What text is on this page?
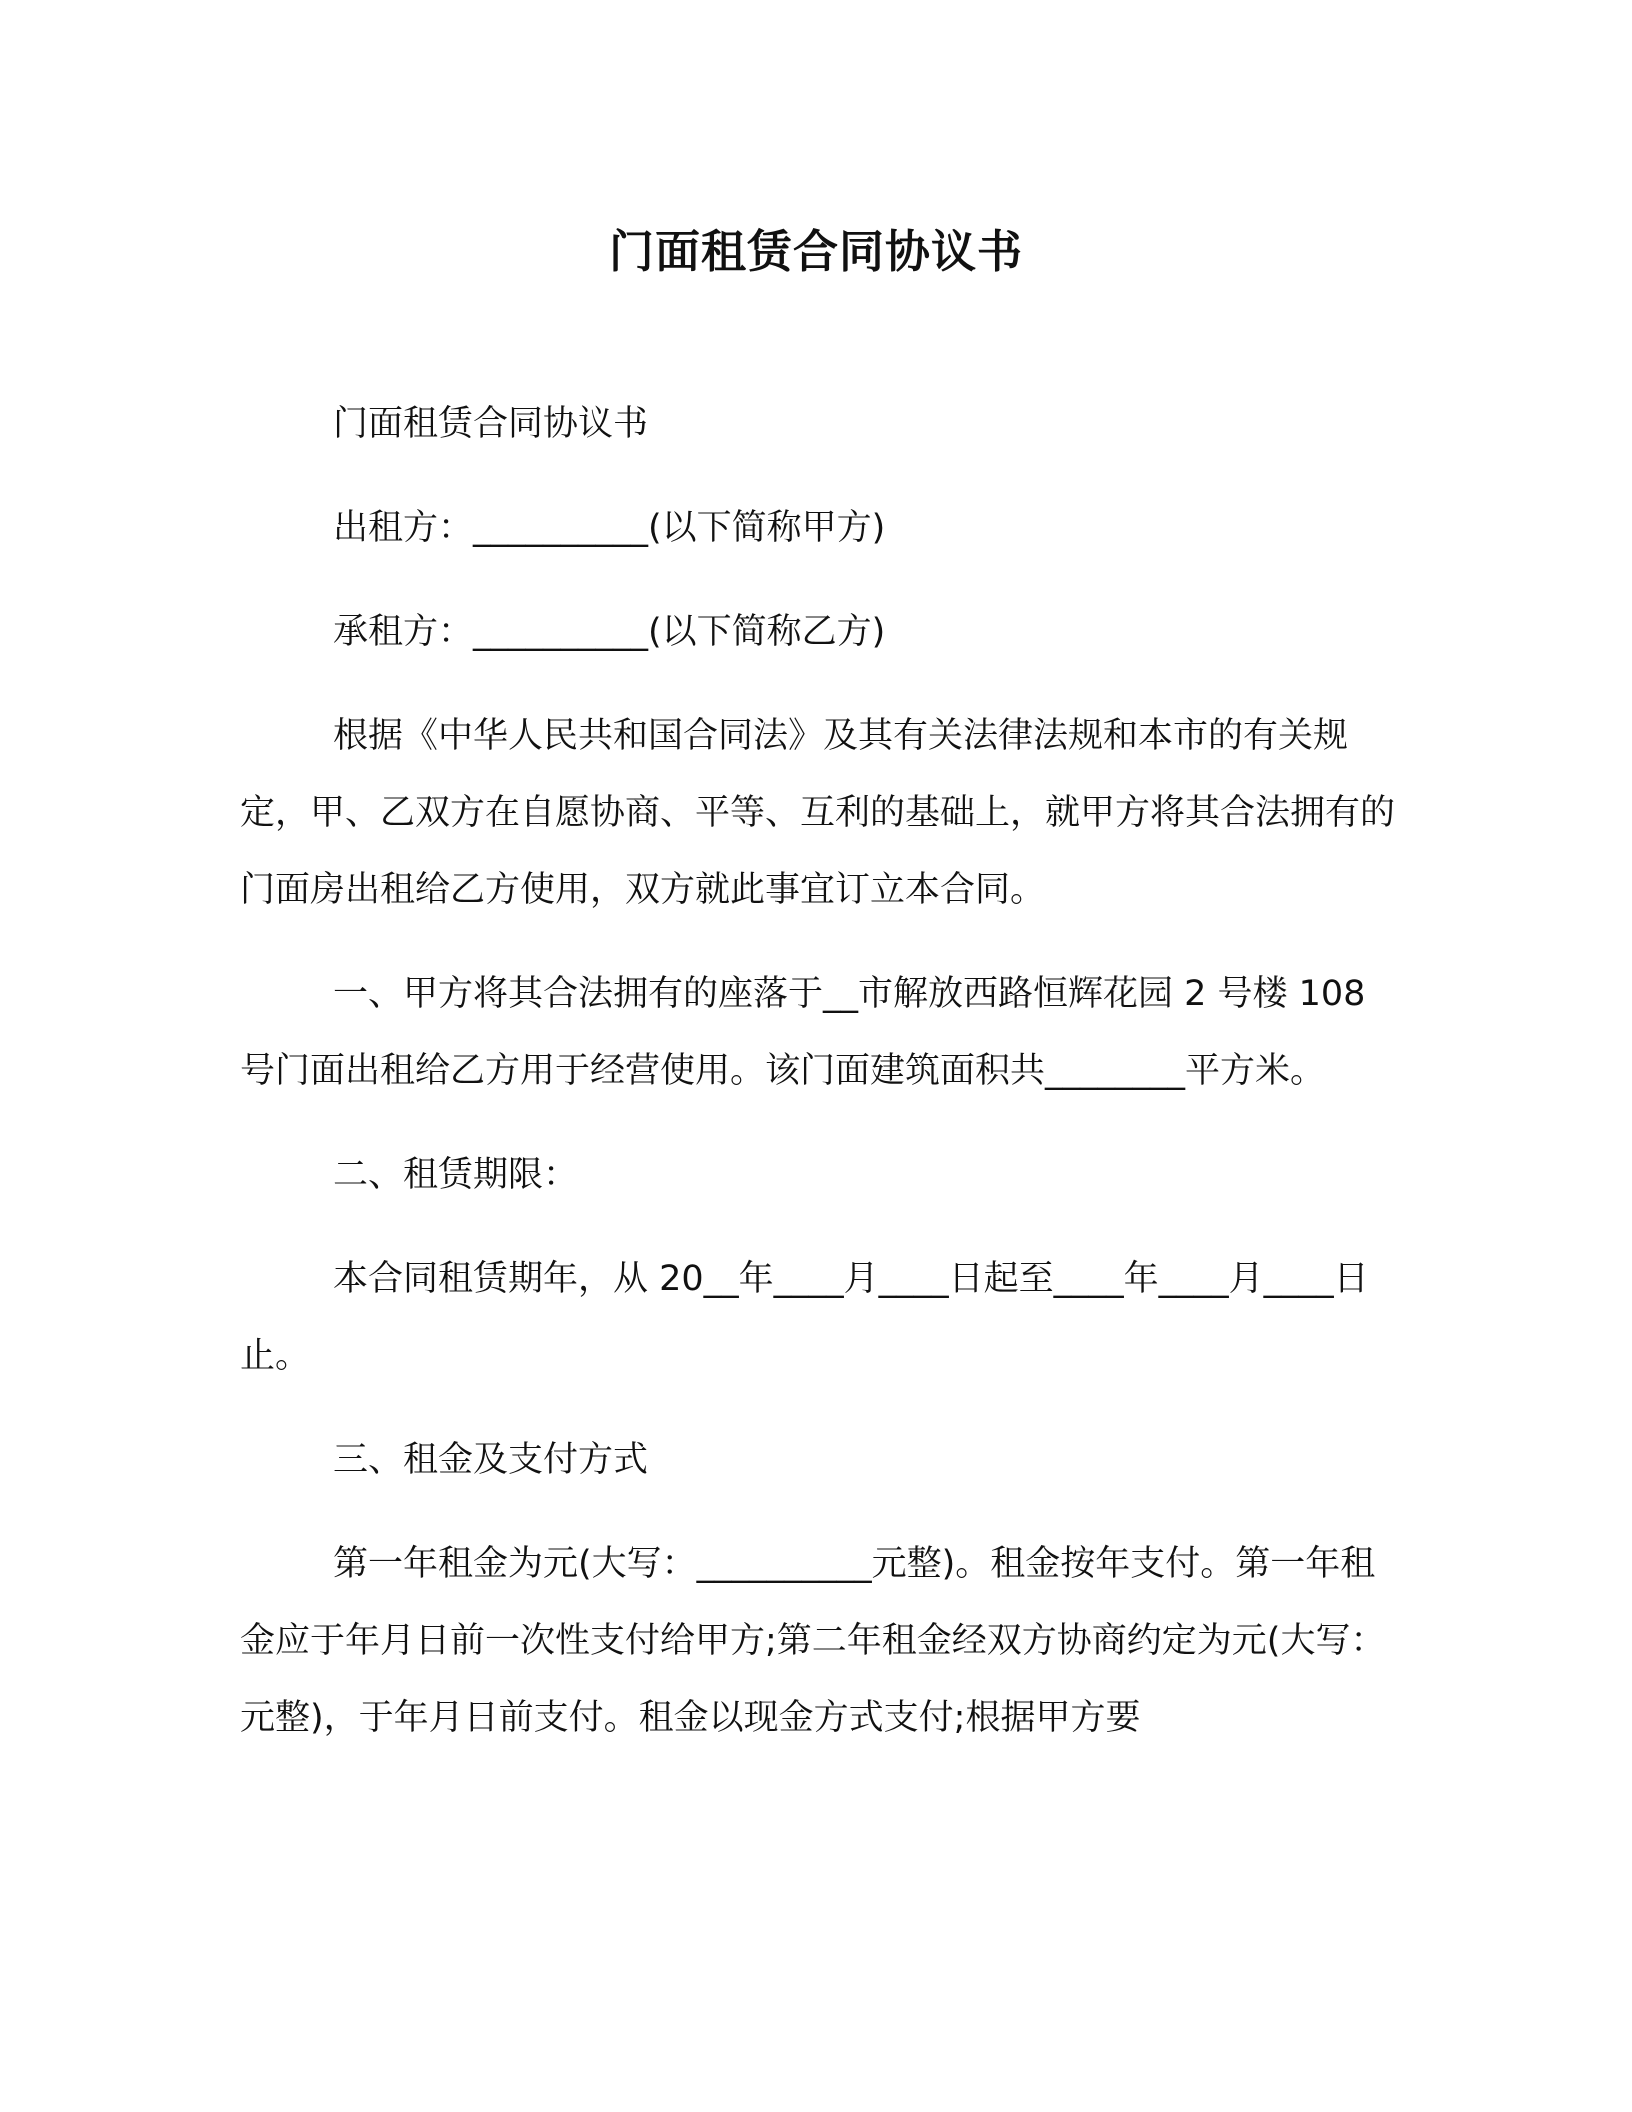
门面租赁合同协议书

门面租赁合同协议书

出租方：__________(以下简称甲方)

承租方：__________(以下简称乙方)

根据《中华人民共和国合同法》及其有关法律法规和本市的有关规定，甲、乙双方在自愿协商、平等、互利的基础上，就甲方将其合法拥有的门面房出租给乙方使用，双方就此事宜订立本合同。

一、甲方将其合法拥有的座落于__市解放西路恒辉花园 2 号楼 108 号门面出租给乙方用于经营使用。该门面建筑面积共________平方米。

二、租赁期限：

本合同租赁期年，从 20__年____月____日起至____年____月____日止。

三、租金及支付方式

第一年租金为元(大写：__________元整)。租金按年支付。第一年租金应于年月日前一次性支付给甲方;第二年租金经双方协商约定为元(大写：元整)，于年月日前支付。租金以现金方式支付;根据甲方要
